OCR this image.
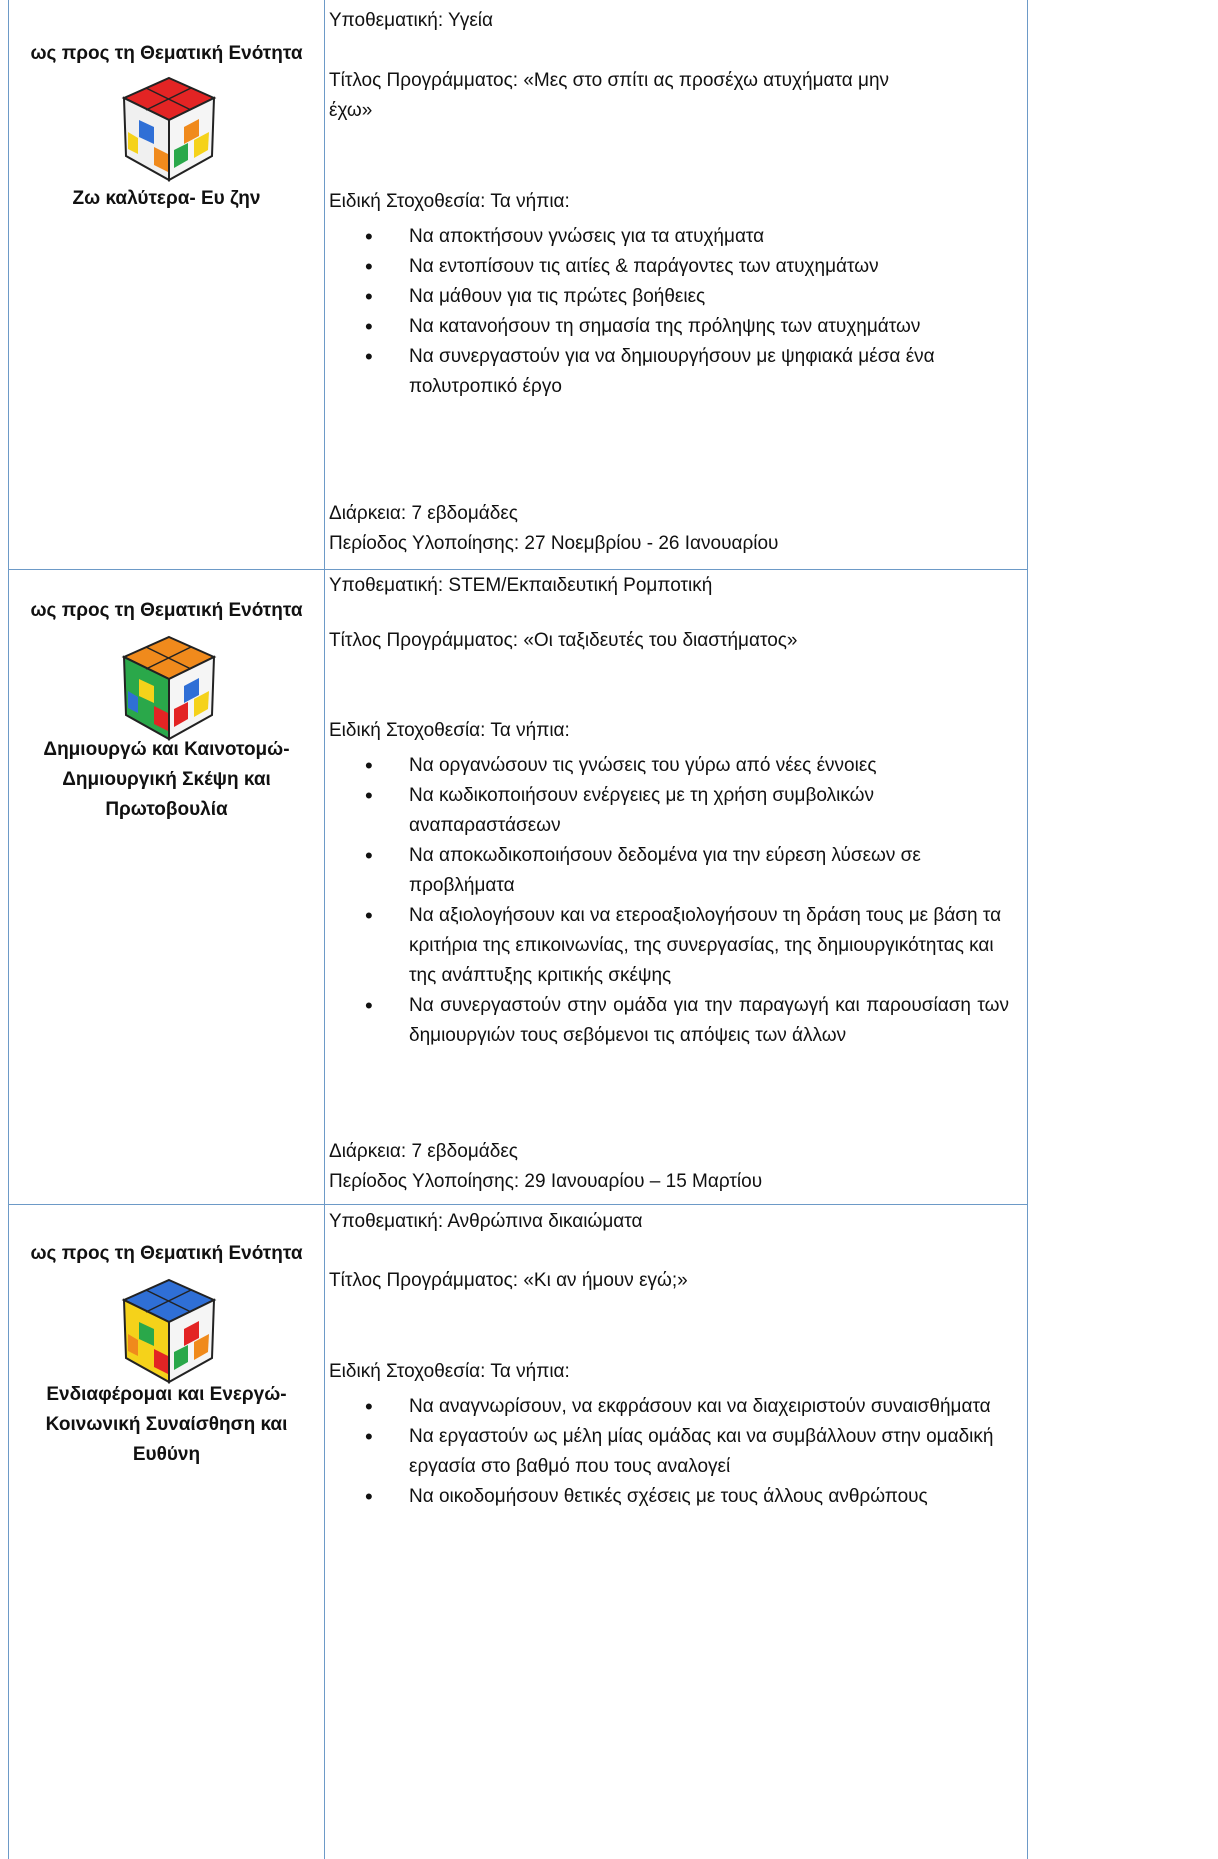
ως προς τη Θεματική Ενότητα
Ζω καλύτερα- Ευ ζην
Υποθεματική: Υγεία
Τίτλος Προγράμματος: «Μες στο σπίτι ας προσέχω ατυχήματα μην
έχω»
Ειδική Στοχοθεσία: Τα νήπια:
• Να αποκτήσουν γνώσεις για τα ατυχήματα
• Να εντοπίσουν τις αιτίες & παράγοντες των ατυχημάτων
• Να μάθουν για τις πρώτες βοήθειες
• Να κατανοήσουν τη σημασία της πρόληψης των ατυχημάτων
• Να συνεργαστούν για να δημιουργήσουν με ψηφιακά μέσα ένα πολυτροπικό έργο
Διάρκεια: 7 εβδομάδες
Περίοδος Υλοποίησης: 27 Νοεμβρίου - 26 Ιανουαρίου
ως προς τη Θεματική Ενότητα
Δημιουργώ και Καινοτομώ- Δημιουργική Σκέψη και Πρωτοβουλία
Υποθεματική: STEM/Εκπαιδευτική Ρομποτική
Τίτλος Προγράμματος: «Οι ταξιδευτές του διαστήματος»
Ειδική Στοχοθεσία: Τα νήπια:
• Να οργανώσουν τις γνώσεις του γύρω από νέες έννοιες
• Να κωδικοποιήσουν ενέργειες με τη χρήση συμβολικών αναπαραστάσεων
• Να αποκωδικοποιήσουν δεδομένα για την εύρεση λύσεων σε προβλήματα
• Να αξιολογήσουν και να ετεροαξιολογήσουν τη δράση τους με βάση τα κριτήρια της επικοινωνίας, της συνεργασίας, της δημιουργικότητας και της ανάπτυξης κριτικής σκέψης
• Να συνεργαστούν στην ομάδα για την παραγωγή και παρουσίαση των δημιουργιών τους σεβόμενοι τις απόψεις των άλλων
Διάρκεια: 7 εβδομάδες
Περίοδος Υλοποίησης: 29 Ιανουαρίου – 15 Μαρτίου
ως προς τη Θεματική Ενότητα
Ενδιαφέρομαι και Ενεργώ- Κοινωνική Συναίσθηση και Ευθύνη
Υποθεματική: Ανθρώπινα δικαιώματα
Τίτλος Προγράμματος: «Κι αν ήμουν εγώ;»
Ειδική Στοχοθεσία: Τα νήπια:
• Να αναγνωρίσουν, να εκφράσουν και να διαχειριστούν συναισθήματα
• Να εργαστούν ως μέλη μίας ομάδας και να συμβάλλουν στην ομαδική εργασία στο βαθμό που τους αναλογεί
• Να οικοδομήσουν θετικές σχέσεις με τους άλλους ανθρώπους
